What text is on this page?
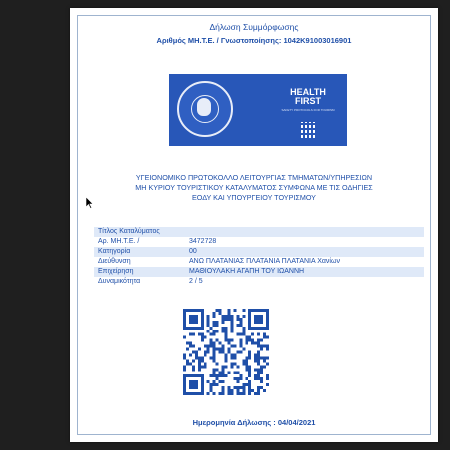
Δήλωση Συμμόρφωσης
Αριθμός ΜΗ.Τ.Ε. / Γνωστοποίησης: 1042Κ91003016901
HEALTH
FIRST
SAFETY PROTOCOLS FOR TOURISM
ΥΓΕΙΟΝΟΜΙΚΟ ΠΡΩΤΟΚΟΛΛΟ ΛΕΙΤΟΥΡΓΙΑΣ ΤΜΗΜΑΤΩΝ/ΥΠΗΡΕΣΙΩΝ
ΜΗ ΚΥΡΙΟΥ ΤΟΥΡΙΣΤΙΚΟΥ ΚΑΤΑΛΥΜΑΤΟΣ ΣΥΜΦΩΝΑ ΜΕ ΤΙΣ ΟΔΗΓΙΕΣ
ΕΟΔΥ ΚΑΙ ΥΠΟΥΡΓΕΙΟΥ ΤΟΥΡΙΣΜΟΥ
Τίτλος Καταλύματος
Αρ. ΜΗ.Τ.Ε. /	3472728
Κατηγορία	00
Διεύθυνση	ΑΝΩ ΠΛΑΤΑΝΙΑΣ ΠΛΑΤΑΝΙΑ ΠΛΑΤΑΝΙΑ Χανίων
Επιχείρηση	ΜΑΘΙΟΥΛΑΚΗ ΑΓΑΠΗ ΤΟΥ ΙΩΑΝΝΗ
Δυναμικότητα	2 / 5
Ημερομηνία Δήλωσης : 04/04/2021
